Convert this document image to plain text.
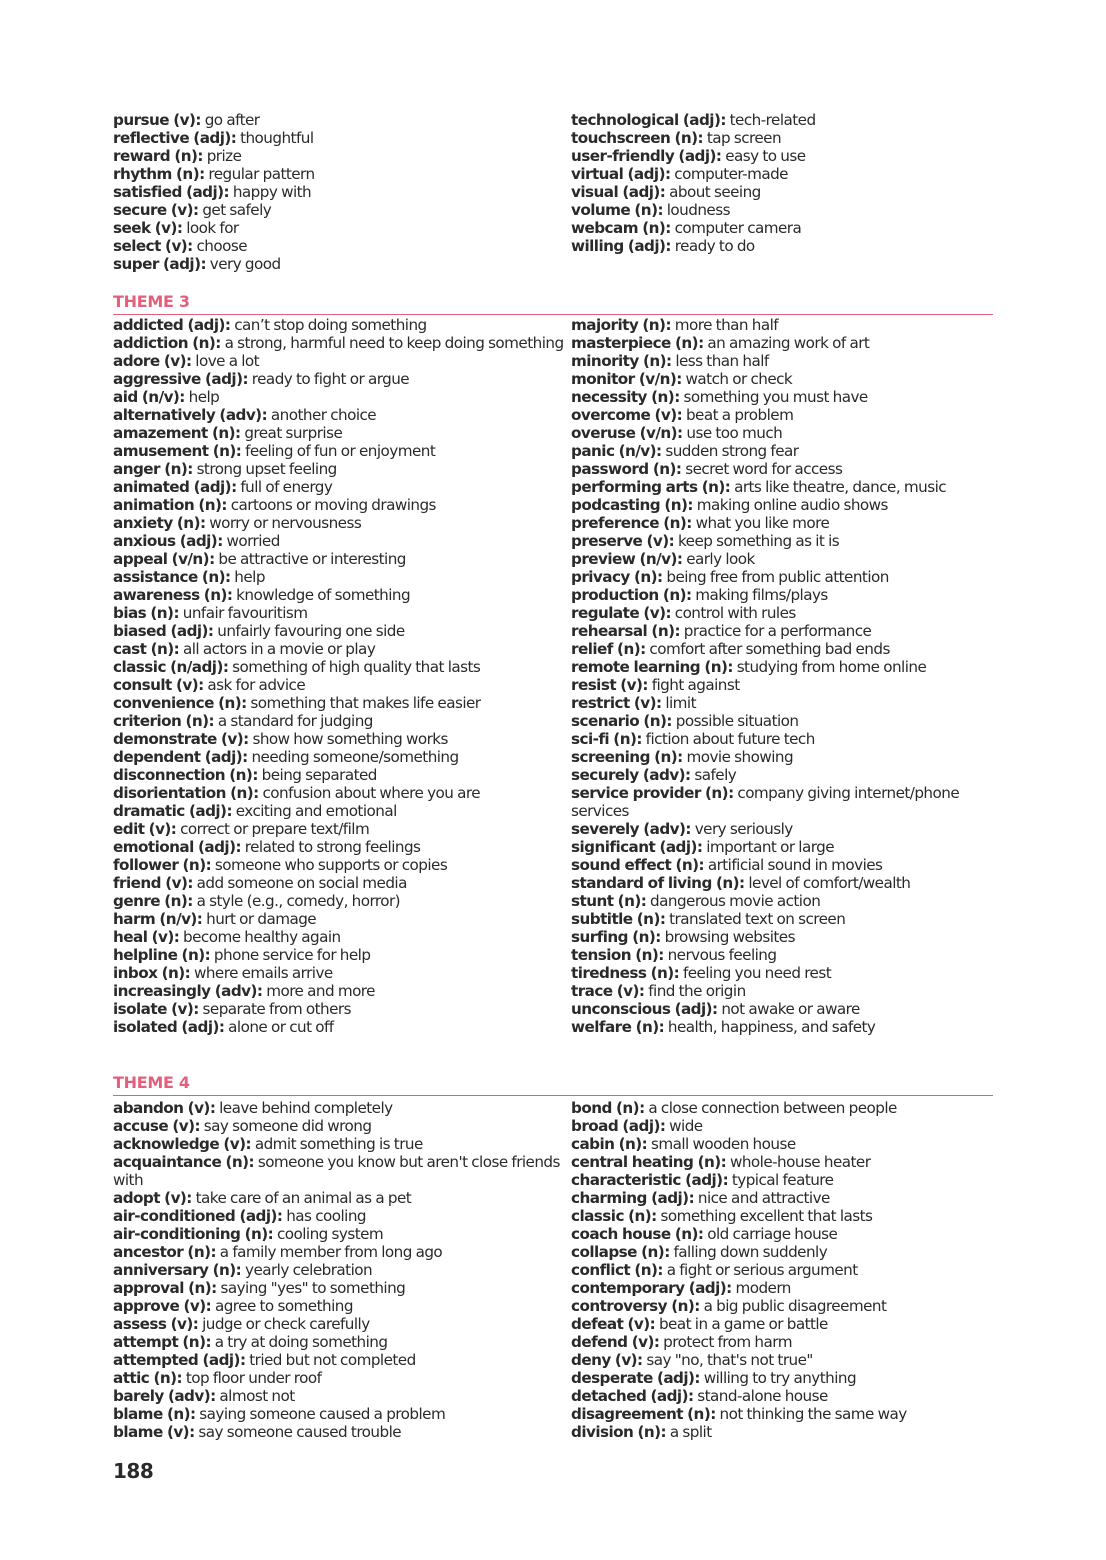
pursue (v): go after

reflective (adj): thoughtful

reward (n): prize

rhythm (n): regular pattern

satisfied (adj): happy with

secure (v): get safely

seek (v): look for

select (v): choose

super (adj): very good

technological (adj): tech-related

touchscreen (n): tap screen

user-friendly (adj): easy to use

virtual (adj): computer-made

visual (adj): about seeing

volume (n): loudness

webcam (n): computer camera

willing (adj): ready to do

THEME 3

addicted (adj): can’t stop doing something

addiction (n): a strong, harmful need to keep doing something

adore (v): love a lot

aggressive (adj): ready to fight or argue

aid (n/v): help

alternatively (adv): another choice

amazement (n): great surprise

amusement (n): feeling of fun or enjoyment

anger (n): strong upset feeling

animated (adj): full of energy

animation (n): cartoons or moving drawings

anxiety (n): worry or nervousness

anxious (adj): worried

appeal (v/n): be attractive or interesting

assistance (n): help

awareness (n): knowledge of something

bias (n): unfair favouritism

biased (adj): unfairly favouring one side

cast (n): all actors in a movie or play

classic (n/adj): something of high quality that lasts

consult (v): ask for advice

convenience (n): something that makes life easier

criterion (n): a standard for judging

demonstrate (v): show how something works

dependent (adj): needing someone/something

disconnection (n): being separated

disorientation (n): confusion about where you are

dramatic (adj): exciting and emotional

edit (v): correct or prepare text/film

emotional (adj): related to strong feelings

follower (n): someone who supports or copies

friend (v): add someone on social media

genre (n): a style (e.g., comedy, horror)

harm (n/v): hurt or damage

heal (v): become healthy again

helpline (n): phone service for help

inbox (n): where emails arrive

increasingly (adv): more and more

isolate (v): separate from others

isolated (adj): alone or cut off

majority (n): more than half

masterpiece (n): an amazing work of art

minority (n): less than half

monitor (v/n): watch or check

necessity (n): something you must have

overcome (v): beat a problem

overuse (v/n): use too much

panic (n/v): sudden strong fear

password (n): secret word for access

performing arts (n): arts like theatre, dance, music

podcasting (n): making online audio shows

preference (n): what you like more

preserve (v): keep something as it is

preview (n/v): early look

privacy (n): being free from public attention

production (n): making films/plays

regulate (v): control with rules

rehearsal (n): practice for a performance

relief (n): comfort after something bad ends

remote learning (n): studying from home online

resist (v): fight against

restrict (v): limit

scenario (n): possible situation

sci-fi (n): fiction about future tech

screening (n): movie showing

securely (adv): safely

service provider (n): company giving internet/phone services

severely (adv): very seriously

significant (adj): important or large

sound effect (n): artificial sound in movies

standard of living (n): level of comfort/wealth

stunt (n): dangerous movie action

subtitle (n): translated text on screen

surfing (n): browsing websites

tension (n): nervous feeling

tiredness (n): feeling you need rest

trace (v): find the origin

unconscious (adj): not awake or aware

welfare (n): health, happiness, and safety

THEME 4

abandon (v): leave behind completely

accuse (v): say someone did wrong

acknowledge (v): admit something is true

acquaintance (n): someone you know but aren't close friends with

adopt (v): take care of an animal as a pet

air-conditioned (adj): has cooling

air-conditioning (n): cooling system

ancestor (n): a family member from long ago

anniversary (n): yearly celebration

approval (n): saying "yes" to something

approve (v): agree to something

assess (v): judge or check carefully

attempt (n): a try at doing something

attempted (adj): tried but not completed

attic (n): top floor under roof

barely (adv): almost not

blame (n): saying someone caused a problem

blame (v): say someone caused trouble

bond (n): a close connection between people

broad (adj): wide

cabin (n): small wooden house

central heating (n): whole-house heater

characteristic (adj): typical feature

charming (adj): nice and attractive

classic (n): something excellent that lasts

coach house (n): old carriage house

collapse (n): falling down suddenly

conflict (n): a fight or serious argument

contemporary (adj): modern

controversy (n): a big public disagreement

defeat (v): beat in a game or battle

defend (v): protect from harm

deny (v): say "no, that's not true"

desperate (adj): willing to try anything

detached (adj): stand-alone house

disagreement (n): not thinking the same way

division (n): a split

188
